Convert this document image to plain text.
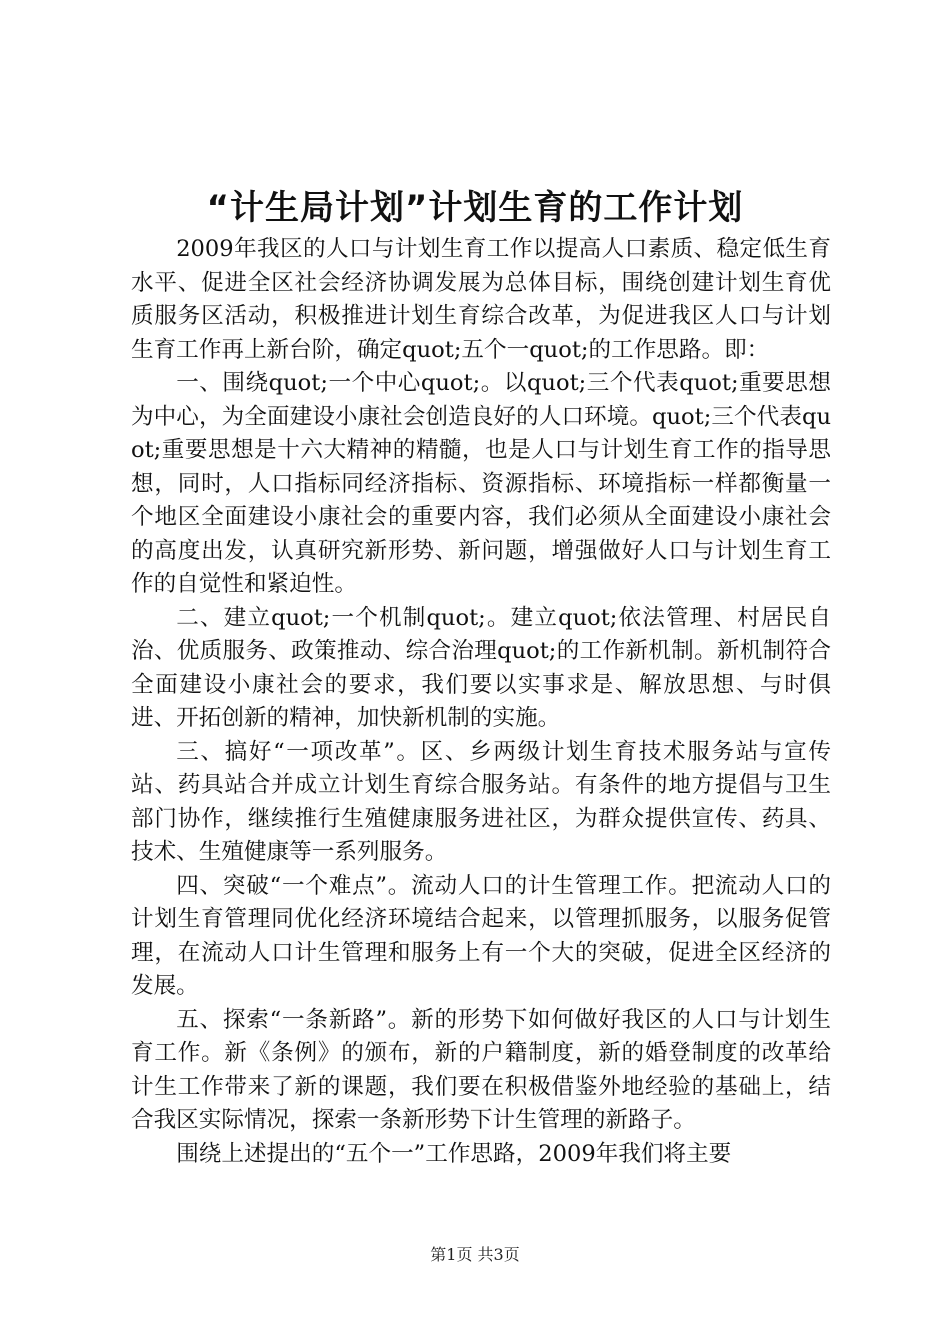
“计生局计划”计划生育的工作计划

2009年我区的人口与计划生育工作以提高人口素质、稳定低生育水平、促进全区社会经济协调发展为总体目标，围绕创建计划生育优质服务区活动，积极推进计划生育综合改革，为促进我区人口与计划生育工作再上新台阶，确定quot;五个一quot;的工作思路。即：

一、围绕quot;一个中心quot;。以quot;三个代表quot;重要思想为中心，为全面建设小康社会创造良好的人口环境。quot;三个代表quot;重要思想是十六大精神的精髓，也是人口与计划生育工作的指导思想，同时，人口指标同经济指标、资源指标、环境指标一样都衡量一个地区全面建设小康社会的重要内容，我们必须从全面建设小康社会的高度出发，认真研究新形势、新问题，增强做好人口与计划生育工作的自觉性和紧迫性。

二、建立quot;一个机制quot;。建立quot;依法管理、村居民自治、优质服务、政策推动、综合治理quot;的工作新机制。新机制符合全面建设小康社会的要求，我们要以实事求是、解放思想、与时俱进、开拓创新的精神，加快新机制的实施。

三、搞好“一项改革”。区、乡两级计划生育技术服务站与宣传站、药具站合并成立计划生育综合服务站。有条件的地方提倡与卫生部门协作，继续推行生殖健康服务进社区，为群众提供宣传、药具、技术、生殖健康等一系列服务。

四、突破“一个难点”。流动人口的计生管理工作。把流动人口的计划生育管理同优化经济环境结合起来，以管理抓服务，以服务促管理，在流动人口计生管理和服务上有一个大的突破，促进全区经济的发展。

五、探索“一条新路”。新的形势下如何做好我区的人口与计划生育工作。新《条例》的颁布，新的户籍制度，新的婚登制度的改革给计生工作带来了新的课题，我们要在积极借鉴外地经验的基础上，结合我区实际情况，探索一条新形势下计生管理的新路子。

围绕上述提出的“五个一”工作思路，2009年我们将主要

第1页 共3页
